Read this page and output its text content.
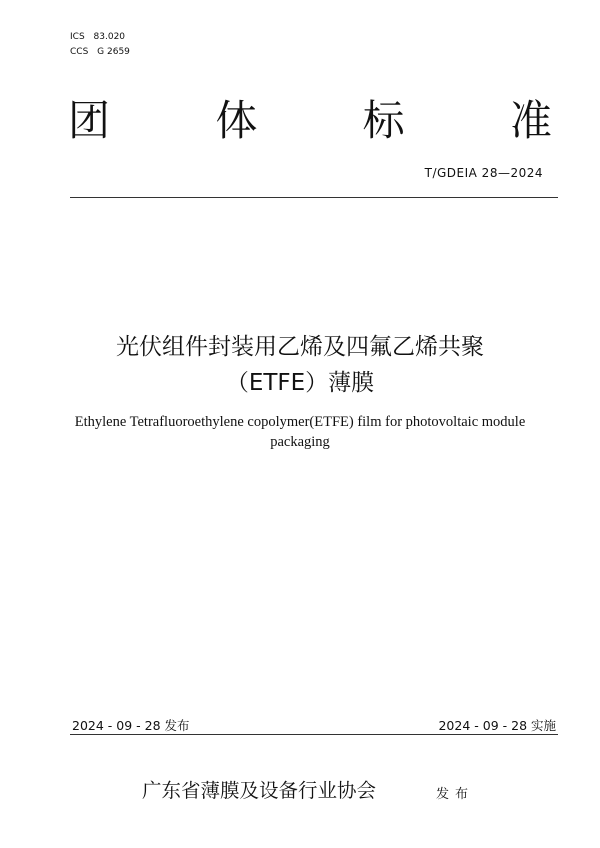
ICS 83.020
CCS G 2659
团	体	标	准
T/GDEIA 28—2024
光伏组件封装用乙烯及四氟乙烯共聚
（ETFE）薄膜
Ethylene Tetrafluoroethylene copolymer(ETFE) film for photovoltaic module
packaging
2024 - 09 - 28 发布	2024 - 09 - 28 实施
广东省薄膜及设备行业协会	发布
